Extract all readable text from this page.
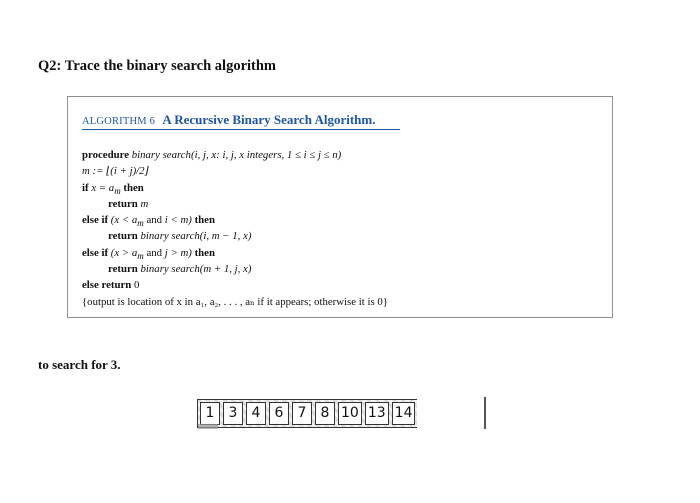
Q2: Trace the binary search algorithm
ALGORITHM 6 A Recursive Binary Search Algorithm.
procedure binary search(i, j, x: i, j, x integers, 1 ≤ i ≤ j ≤ n)
m := ⌊(i + j)/2⌋
if $x = a_m$ then
return m
else if ($x < a_m$ and i < m) then
return binary search(i, m − 1, x)
else if ($x > a_m$ and j > m) then
return binary search(m + 1, j, x)
else return 0
{output is location of x in a₁, a₂, . . . , aₙ if it appears; otherwise it is 0}
to search for 3.
1	3	4	6	7	8 10 13 14
